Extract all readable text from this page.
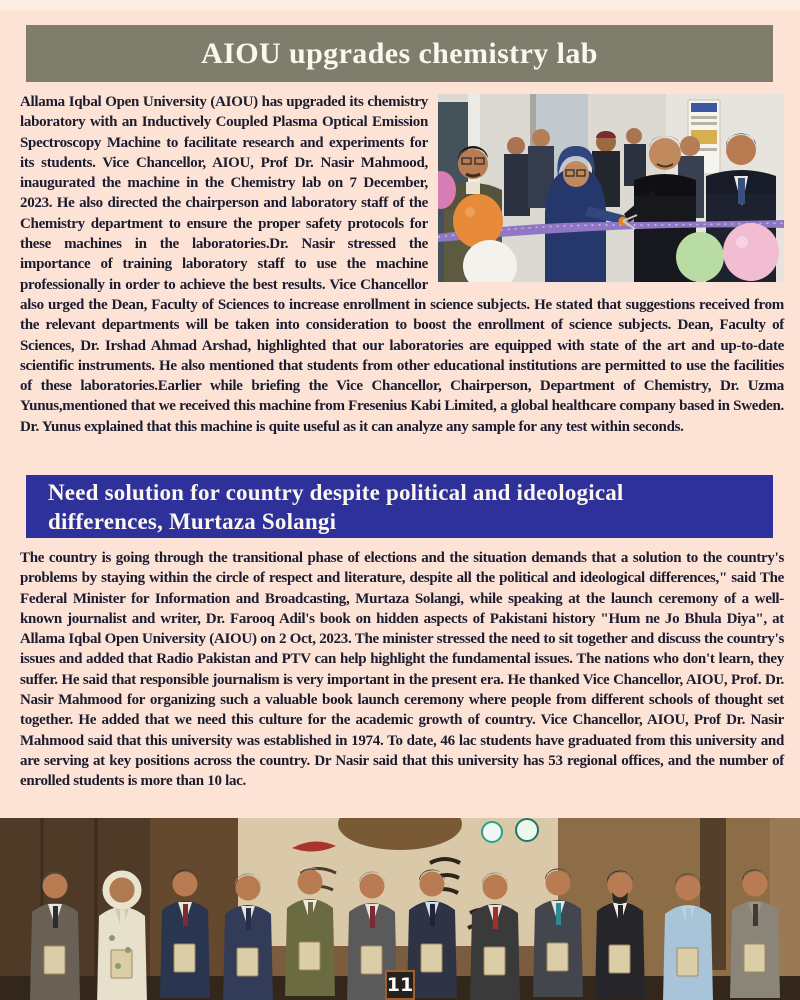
AIOU upgrades chemistry lab

Allama Iqbal Open University (AIOU) has upgraded its chemistry laboratory with an Inductively Coupled Plasma Optical Emission Spectroscopy Machine to facilitate research and experiments for its students. Vice Chancellor, AIOU, Prof Dr. Nasir Mahmood, inaugurated the machine in the Chemistry lab on 7 December, 2023. He also directed the chairperson and laboratory staff of the Chemistry department to ensure the proper safety protocols for these machines in the laboratories.Dr. Nasir stressed the importance of training laboratory staff to use the machine professionally in order to achieve the best results. Vice Chancellor also urged the Dean, Faculty of Sciences to increase enrollment in science subjects. He stated that suggestions received from the relevant departments will be taken into consideration to boost the enrollment of science subjects. Dean, Faculty of Sciences, Dr. Irshad Ahmad Arshad, highlighted that our laboratories are equipped with state of the art and up-to-date scientific instruments. He also mentioned that students from other educational institutions are permitted to use the facilities of these laboratories.Earlier while briefing the Vice Chancellor, Chairperson, Department of Chemistry, Dr. Uzma Yunus,mentioned that we received this machine from Fresenius Kabi Limited, a global healthcare company based in Sweden. Dr. Yunus explained that this machine is quite useful as it can analyze any sample for any test within seconds.

Need solution for country despite political and ideological differences, Murtaza Solangi

The country is going through the transitional phase of elections and the situation demands that a solution to the country's problems by staying within the circle of respect and literature, despite all the political and ideological differences," said The Federal Minister for Information and Broadcasting, Murtaza Solangi, while speaking at the launch ceremony of a well-known journalist and writer, Dr. Farooq Adil's book on hidden aspects of Pakistani history "Hum ne Jo Bhula Diya", at Allama Iqbal Open University (AIOU) on 2 Oct, 2023. The minister stressed the need to sit together and discuss the country's issues and added that Radio Pakistan and PTV can help highlight the fundamental issues. The nations who don't learn, they suffer. He said that responsible journalism is very important in the present era. He thanked Vice Chancellor, AIOU, Prof. Dr. Nasir Mahmood for organizing such a valuable book launch ceremony where people from different schools of thought set together. He added that we need this culture for the academic growth of country. Vice Chancellor, AIOU, Prof Dr. Nasir Mahmood said that this university was established in 1974. To date, 46 lac students have graduated from this university and are serving at key positions across the country. Dr Nasir said that this university has 53 regional offices, and the number of enrolled students is more than 10 lac.

11
